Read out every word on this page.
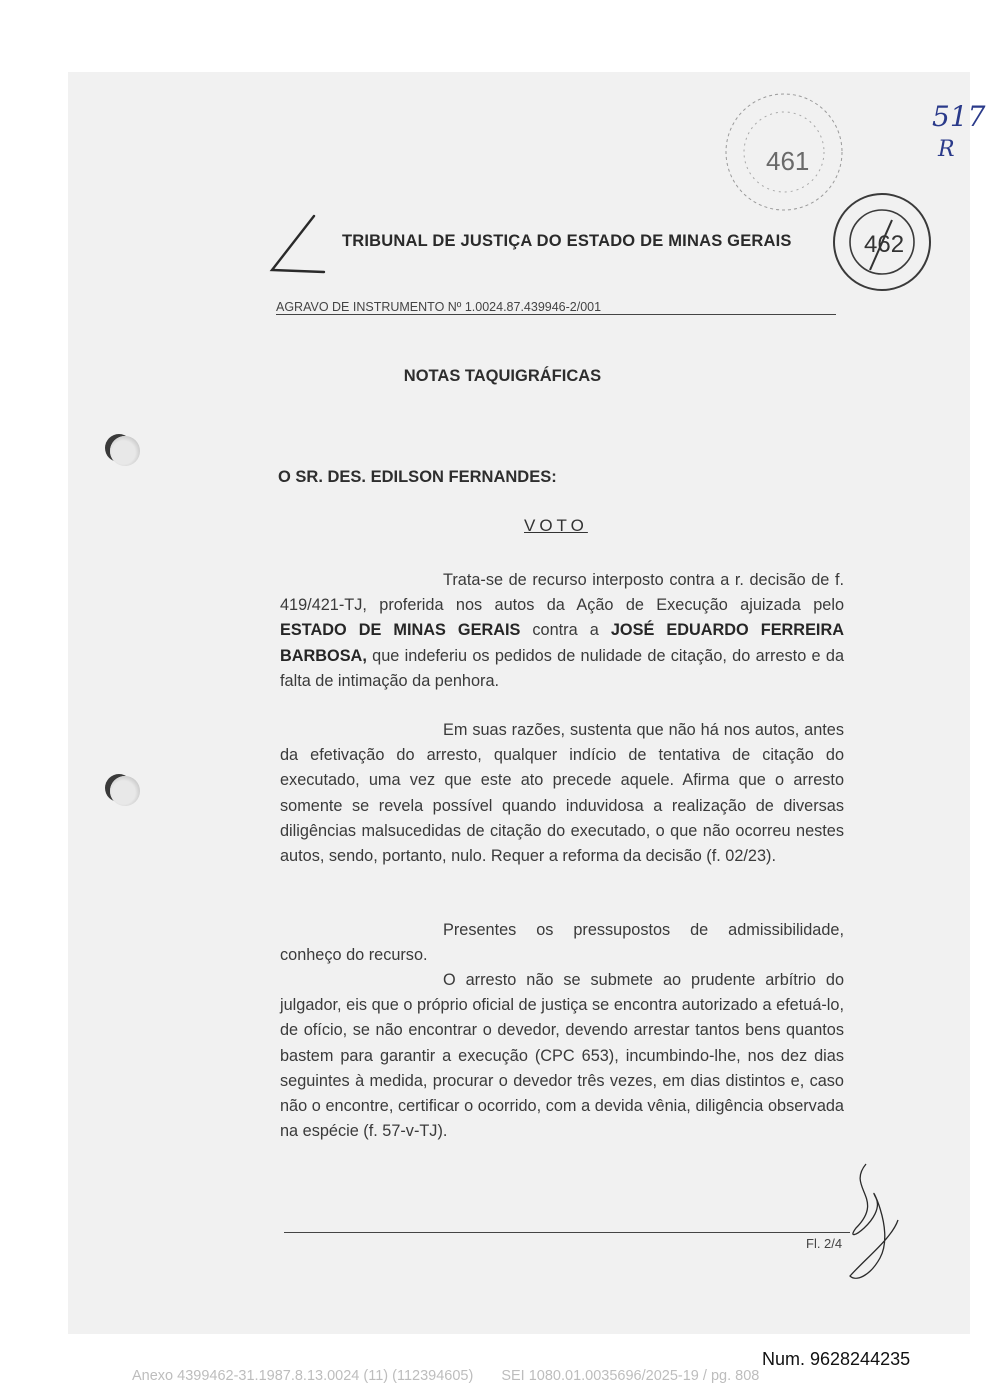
461
462
517
R
TRIBUNAL DE JUSTIÇA DO ESTADO DE MINAS GERAIS
AGRAVO DE INSTRUMENTO Nº 1.0024.87.439946-2/001
NOTAS TAQUIGRÁFICAS
O SR. DES. EDILSON FERNANDES:
VOTO
Trata-se de recurso interposto contra a r. decisão de f. 419/421-TJ, proferida nos autos da Ação de Execução ajuizada pelo ESTADO DE MINAS GERAIS contra a JOSÉ EDUARDO FERREIRA BARBOSA, que indeferiu os pedidos de nulidade de citação, do arresto e da falta de intimação da penhora.
Em suas razões, sustenta que não há nos autos, antes da efetivação do arresto, qualquer indício de tentativa de citação do executado, uma vez que este ato precede aquele. Afirma que o arresto somente se revela possível quando induvidosa a realização de diversas diligências malsucedidas de citação do executado, o que não ocorreu nestes autos, sendo, portanto, nulo. Requer a reforma da decisão (f. 02/23).
Presentes os pressupostos de admissibilidade, conheço do recurso.
O arresto não se submete ao prudente arbítrio do julgador, eis que o próprio oficial de justiça se encontra autorizado a efetuá-lo, de ofício, se não encontrar o devedor, devendo arrestar tantos bens quantos bastem para garantir a execução (CPC 653), incumbindo-lhe, nos dez dias seguintes à medida, procurar o devedor três vezes, em dias distintos e, caso não o encontre, certificar o ocorrido, com a devida vênia, diligência observada na espécie (f. 57-v-TJ).
Fl. 2/4
Num. 9628244235
Anexo 4399462-31.1987.8.13.0024 (11) (112394605) SEI 1080.01.0035696/2025-19 / pg. 808
